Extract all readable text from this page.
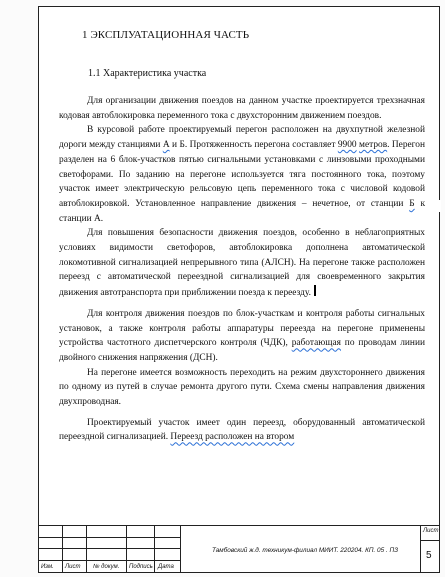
1 ЭКСПЛУАТАЦИОННАЯ ЧАСТЬ
1.1 Характеристика участка

Для организации движения поездов на данном участке проектируется трехзначная кодовая автоблокировка переменного тока с двухсторонним движением поездов.

В курсовой работе проектируемый перегон расположен на двухпутной железной дороги между станциями А и Б. Протяженность перегона составляет 9900 метров. Перегон разделен на 6 блок-участков пятью сигнальными установками с линзовыми проходными светофорами. По заданию на перегоне используется тяга постоянного тока, поэтому участок имеет электрическую рельсовую цепь переменного тока с числовой кодовой автоблокировкой. Установленное направление движения – нечетное, от станции Б к станции А.

Для повышения безопасности движения поездов, особенно в неблагоприятных условиях видимости светофоров, автоблокировка дополнена автоматической локомотивной сигнализацией непрерывного типа (АЛСН). На перегоне также расположен переезд с автоматической переездной сигнализацией для своевременного закрытия движения автотранспорта при приближении поезда к переезду.

Для контроля движения поездов по блок-участкам и контроля работы сигнальных установок, а также контроля работы аппаратуры переезда на перегоне применены устройства частотного диспетчерского контроля (ЧДК), работающая по проводам линии двойного снижения напряжения (ДСН).

На перегоне имеется возможность переходить на режим двухстороннего движения по одному из путей в случае ремонта другого пути. Схема смены направления движения двухпроводная.

Проектируемый участок имеет один переезд, оборудованный автоматической переездной сигнализацией. Переезд расположен на втором

Изм. Лист № докум. Подпись Дата
Тамбовский ж.д. техникум-филиал МИИТ. 220204. КП. 05 . ПЗ
Лист
5
